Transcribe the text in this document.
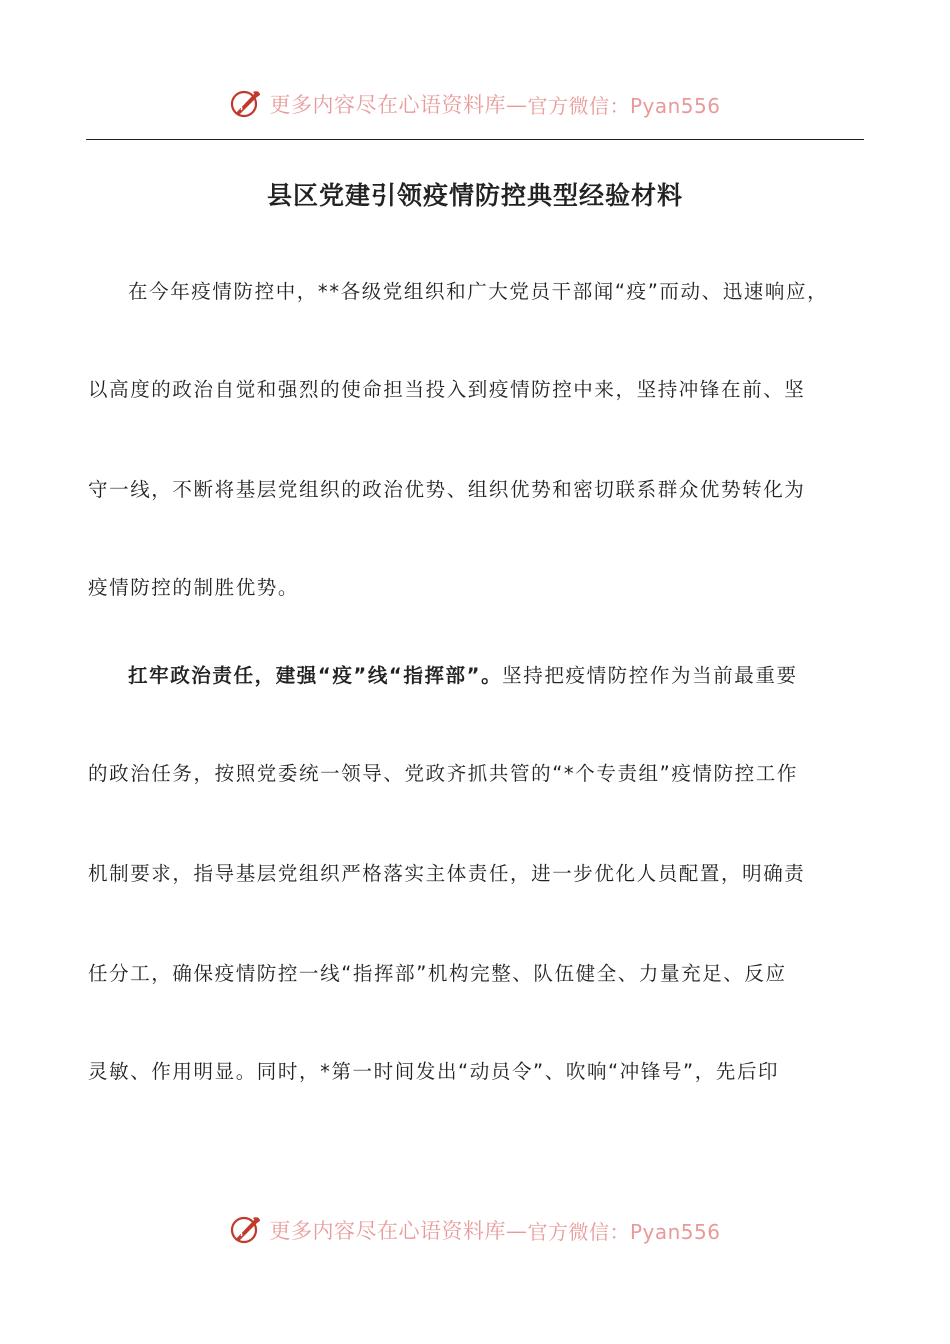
更多内容尽在心语资料库— 官方微信：Pyan556
县区党建引领疫情防控典型经验材料
在今年疫情防控中，**各级党组织和广大党员干部闻“疫”而动、迅速响应，
以高度的政治自觉和强烈的使命担当投入到疫情防控中来，坚持冲锋在前、坚
守一线，不断将基层党组织的政治优势、组织优势和密切联系群众优势转化为
疫情防控的制胜优势。
扛牢政治责任，建强“疫”线“指挥部”。坚持把疫情防控作为当前最重要
的政治任务，按照党委统一领导、党政齐抓共管的“*个专责组”疫情防控工作
机制要求，指导基层党组织严格落实主体责任，进一步优化人员配置，明确责
任分工，确保疫情防控一线“指挥部”机构完整、队伍健全、力量充足、反应
灵敏、作用明显。同时，*第一时间发出“动员令”、吹响“冲锋号”，先后印
更多内容尽在心语资料库— 官方微信：Pyan556
